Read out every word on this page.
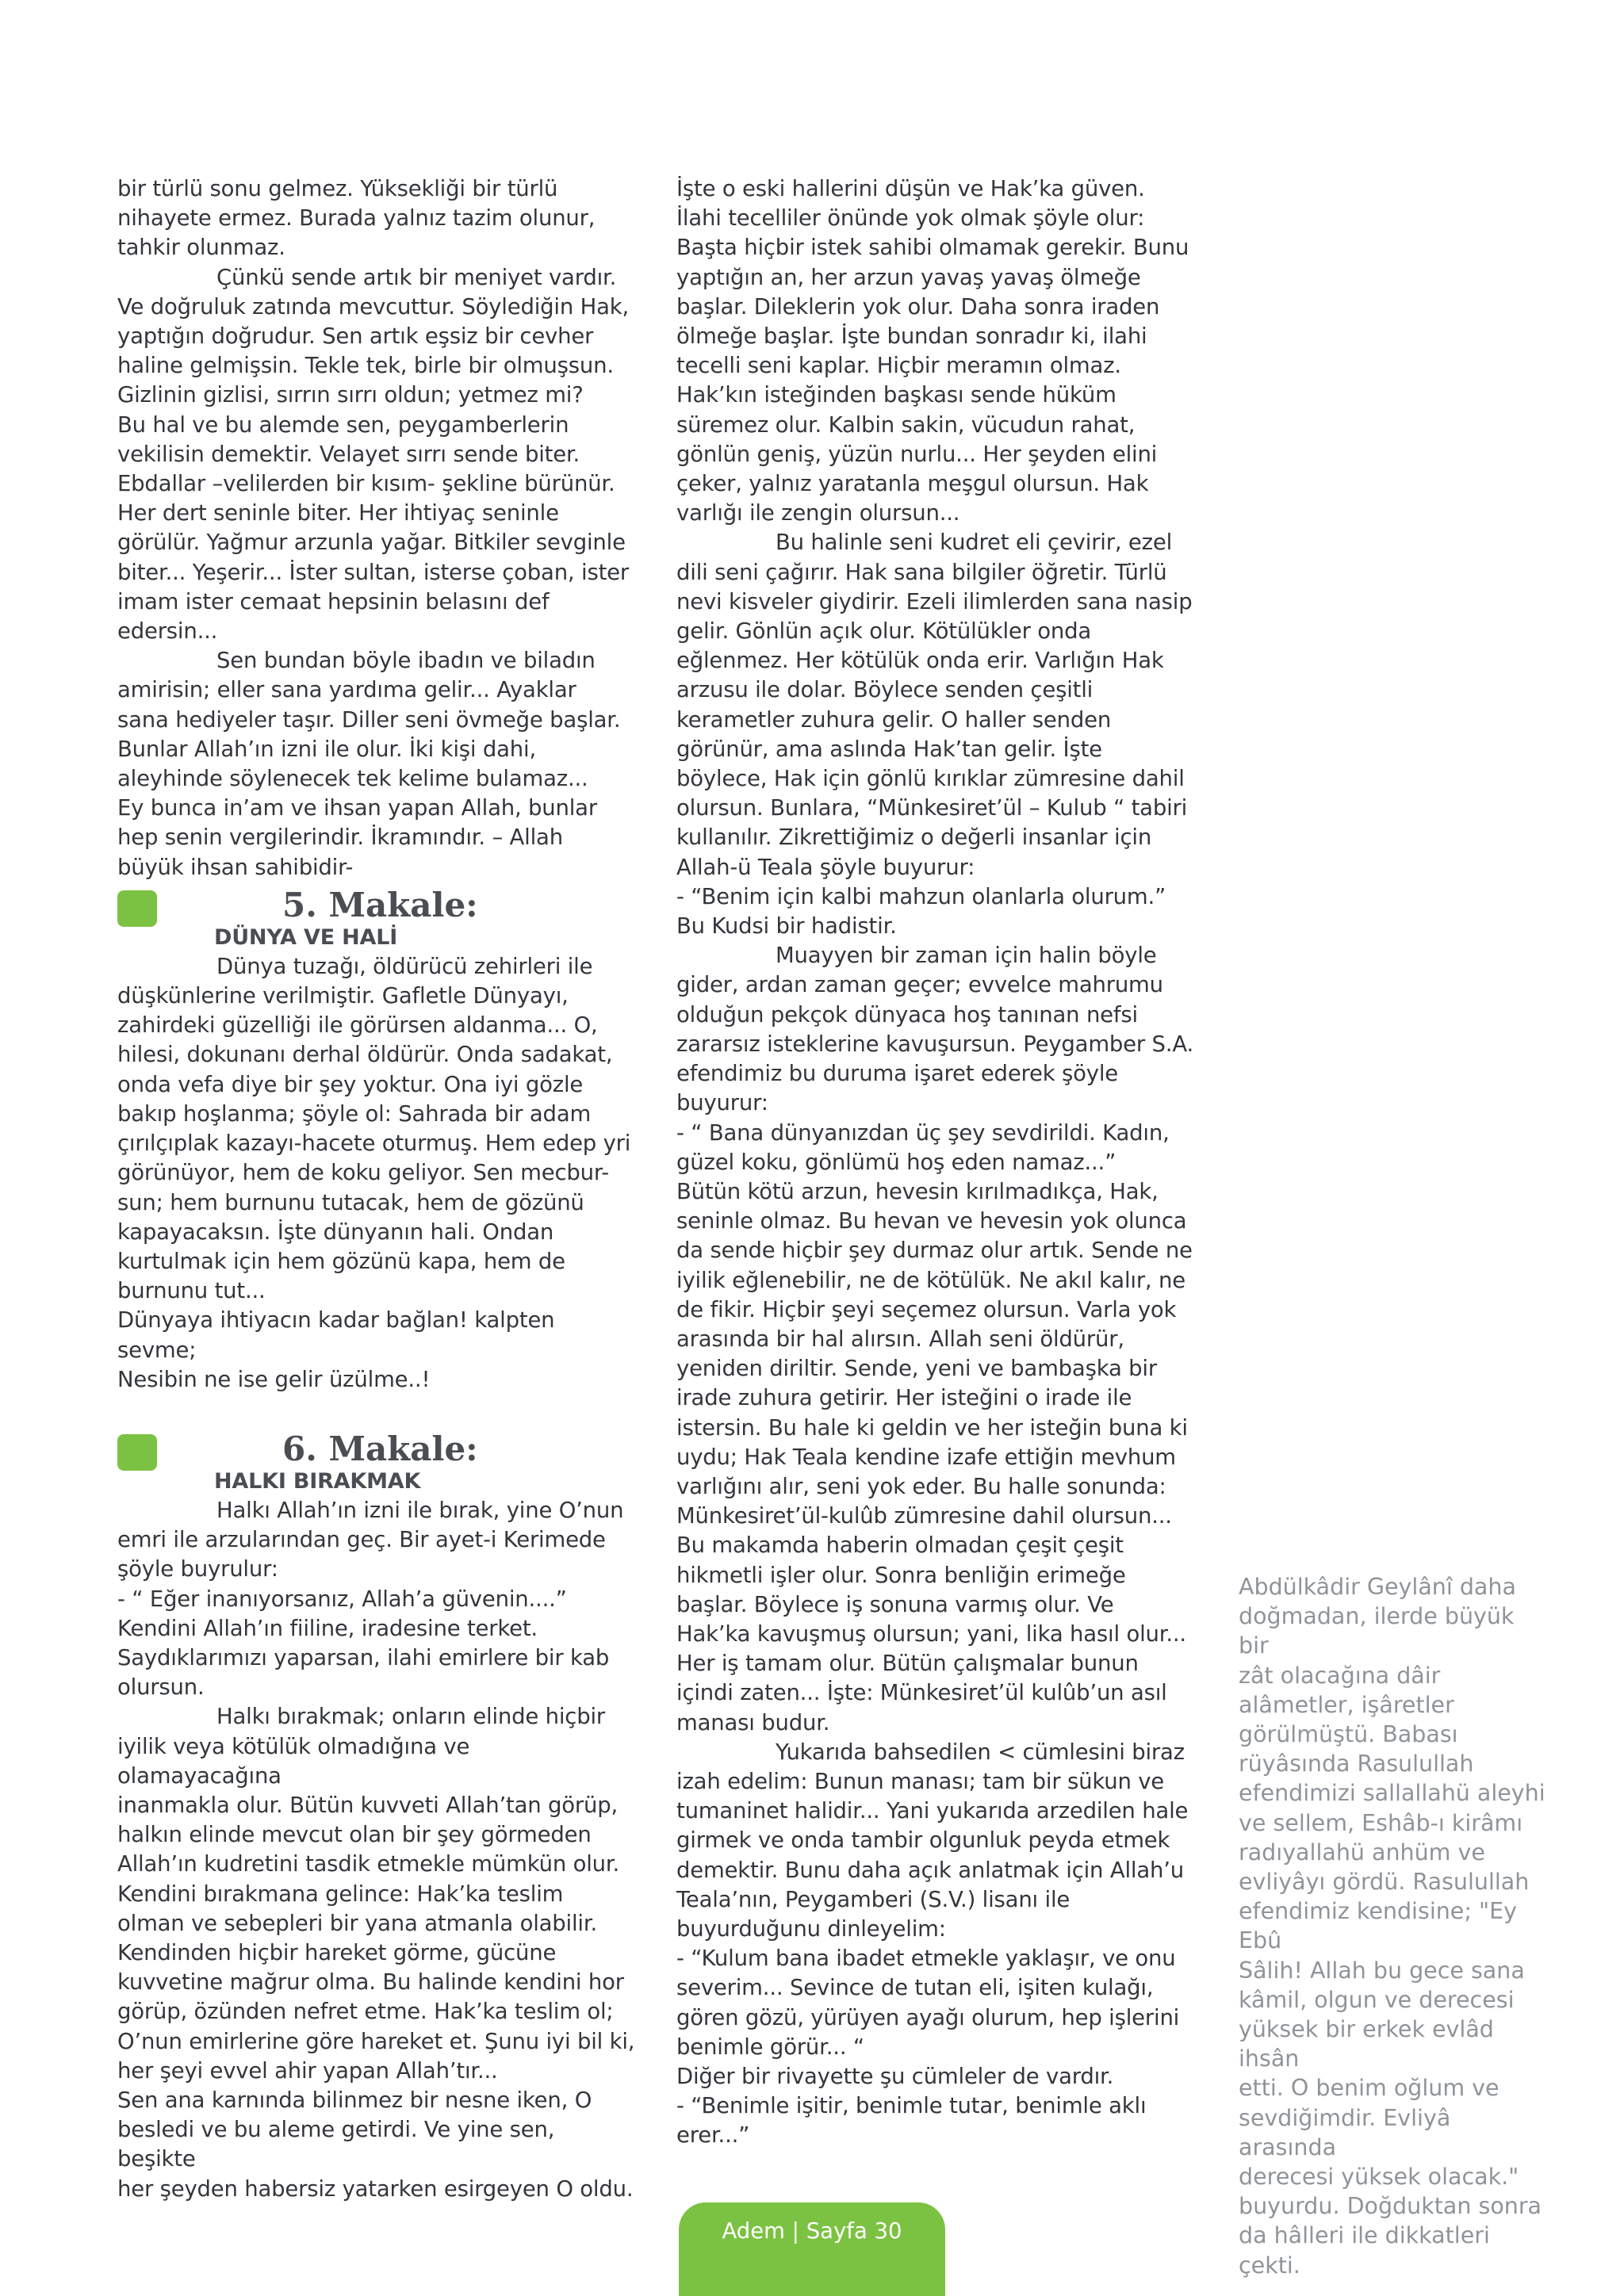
bir türlü sonu gelmez. Yüksekliği bir türlü
nihayete ermez. Burada yalnız tazim olunur,
tahkir olunmaz.

Çünkü sende artık bir meniyet vardır.
Ve doğruluk zatında mevcuttur. Söylediğin Hak,
yaptığın doğrudur. Sen artık eşsiz bir cevher
haline gelmişsin. Tekle tek, birle bir olmuşsun.
Gizlinin gizlisi, sırrın sırrı oldun; yetmez mi?
Bu hal ve bu alemde sen, peygamberlerin
vekilisin demektir. Velayet sırrı sende biter.
Ebdallar –velilerden bir kısım- şekline bürünür.
Her dert seninle biter. Her ihtiyaç seninle
görülür. Yağmur arzunla yağar. Bitkiler sevginle
biter... Yeşerir... İster sultan, isterse çoban, ister
imam ister cemaat hepsinin belasını def
edersin...

Sen bundan böyle ibadın ve biladın
amirisin; eller sana yardıma gelir... Ayaklar
sana hediyeler taşır. Diller seni övmeğe başlar.
Bunlar Allah’ın izni ile olur. İki kişi dahi,
aleyhinde söylenecek tek kelime bulamaz...
Ey bunca in’am ve ihsan yapan Allah, bunlar
hep senin vergilerindir. İkramındır. – Allah
büyük ihsan sahibidir-

5. Makale:

DÜNYA VE HALİ

Dünya tuzağı, öldürücü zehirleri ile
düşkünlerine verilmiştir. Gafletle Dünyayı,
zahirdeki güzelliği ile görürsen aldanma... O,
hilesi, dokunanı derhal öldürür. Onda sadakat,
onda vefa diye bir şey yoktur. Ona iyi gözle
bakıp hoşlanma; şöyle ol: Sahrada bir adam
çırılçıplak kazayı-hacete oturmuş. Hem edep yri
görünüyor, hem de koku geliyor. Sen mecbur-
sun; hem burnunu tutacak, hem de gözünü
kapayacaksın. İşte dünyanın hali. Ondan
kurtulmak için hem gözünü kapa, hem de
burnunu tut...

Dünyaya ihtiyacın kadar bağlan! kalpten sevme;
Nesibin ne ise gelir üzülme..!

6. Makale:

HALKI BIRAKMAK

Halkı Allah’ın izni ile bırak, yine O’nun
emri ile arzularından geç. Bir ayet-i Kerimede
şöyle buyrulur:

- “ Eğer inanıyorsanız, Allah’a güvenin....”
Kendini Allah’ın fiiline, iradesine terket.
Saydıklarımızı yaparsan, ilahi emirlere bir kab
olursun.

Halkı bırakmak; onların elinde hiçbir
iyilik veya kötülük olmadığına ve olamayacağına
inanmakla olur. Bütün kuvveti Allah’tan görüp,
halkın elinde mevcut olan bir şey görmeden
Allah’ın kudretini tasdik etmekle mümkün olur.
Kendini bırakmana gelince: Hak’ka teslim
olman ve sebepleri bir yana atmanla olabilir.
Kendinden hiçbir hareket görme, gücüne
kuvvetine mağrur olma. Bu halinde kendini hor
görüp, özünden nefret etme. Hak’ka teslim ol;
O’nun emirlerine göre hareket et. Şunu iyi bil ki,
her şeyi evvel ahir yapan Allah’tır...

Sen ana karnında bilinmez bir nesne iken, O
besledi ve bu aleme getirdi. Ve yine sen, beşikte
her şeyden habersiz yatarken esirgeyen O oldu.

İşte o eski hallerini düşün ve Hak’ka güven.
İlahi tecelliler önünde yok olmak şöyle olur:
Başta hiçbir istek sahibi olmamak gerekir. Bunu
yaptığın an, her arzun yavaş yavaş ölmeğe
başlar. Dileklerin yok olur. Daha sonra iraden
ölmeğe başlar. İşte bundan sonradır ki, ilahi
tecelli seni kaplar. Hiçbir meramın olmaz.
Hak’kın isteğinden başkası sende hüküm
süremez olur. Kalbin sakin, vücudun rahat,
gönlün geniş, yüzün nurlu... Her şeyden elini
çeker, yalnız yaratanla meşgul olursun. Hak
varlığı ile zengin olursun...

Bu halinle seni kudret eli çevirir, ezel
dili seni çağırır. Hak sana bilgiler öğretir. Türlü
nevi kisveler giydirir. Ezeli ilimlerden sana nasip
gelir. Gönlün açık olur. Kötülükler onda
eğlenmez. Her kötülük onda erir. Varlığın Hak
arzusu ile dolar. Böylece senden çeşitli
kerametler zuhura gelir. O haller senden
görünür, ama aslında Hak’tan gelir. İşte
böylece, Hak için gönlü kırıklar zümresine dahil
olursun. Bunlara, “Münkesiret’ül – Kulub “ tabiri
kullanılır. Zikrettiğimiz o değerli insanlar için
Allah-ü Teala şöyle buyurur:

- “Benim için kalbi mahzun olanlarla olurum.”
Bu Kudsi bir hadistir.

Muayyen bir zaman için halin böyle
gider, ardan zaman geçer; evvelce mahrumu
olduğun pekçok dünyaca hoş tanınan nefsi
zararsız isteklerine kavuşursun. Peygamber S.A.
efendimiz bu duruma işaret ederek şöyle
buyurur:

- “ Bana dünyanızdan üç şey sevdirildi. Kadın,
güzel koku, gönlümü hoş eden namaz...”
Bütün kötü arzun, hevesin kırılmadıkça, Hak,
seninle olmaz. Bu hevan ve hevesin yok olunca
da sende hiçbir şey durmaz olur artık. Sende ne
iyilik eğlenebilir, ne de kötülük. Ne akıl kalır, ne
de fikir. Hiçbir şeyi seçemez olursun. Varla yok
arasında bir hal alırsın. Allah seni öldürür,
yeniden diriltir. Sende, yeni ve bambaşka bir
irade zuhura getirir. Her isteğini o irade ile
istersin. Bu hale ki geldin ve her isteğin buna ki
uydu; Hak Teala kendine izafe ettiğin mevhum
varlığını alır, seni yok eder. Bu halle sonunda:
Münkesiret’ül-kulûb zümresine dahil olursun...
Bu makamda haberin olmadan çeşit çeşit
hikmetli işler olur. Sonra benliğin erimeğe
başlar. Böylece iş sonuna varmış olur. Ve
Hak’ka kavuşmuş olursun; yani, lika hasıl olur...
Her iş tamam olur. Bütün çalışmalar bunun
içindi zaten... İşte: Münkesiret’ül kulûb’un asıl
manası budur.

Yukarıda bahsedilen < cümlesini biraz
izah edelim: Bunun manası; tam bir sükun ve
tumaninet halidir... Yani yukarıda arzedilen hale
girmek ve onda tambir olgunluk peyda etmek
demektir. Bunu daha açık anlatmak için Allah’u
Teala’nın, Peygamberi (S.V.) lisanı ile
buyurduğunu dinleyelim:

- “Kulum bana ibadet etmekle yaklaşır, ve onu
severim... Sevince de tutan eli, işiten kulağı,
gören gözü, yürüyen ayağı olurum, hep işlerini
benimle görür... “
Diğer bir rivayette şu cümleler de vardır.
- “Benimle işitir, benimle tutar, benimle aklı
erer...”

Abdülkâdir Geylânî daha
doğmadan, ilerde büyük bir
zât olacağına dâir
alâmetler, işâretler
görülmüştü. Babası
rüyâsında Rasulullah
efendimizi sallallahü aleyhi
ve sellem, Eshâb-ı kirâmı
radıyallahü anhüm ve
evliyâyı gördü. Rasulullah
efendimiz kendisine; "Ey Ebû
Sâlih! Allah bu gece sana
kâmil, olgun ve derecesi
yüksek bir erkek evlâd ihsân
etti. O benim oğlum ve
sevdiğimdir. Evliyâ arasında
derecesi yüksek olacak."
buyurdu. Doğduktan sonra
da hâlleri ile dikkatleri çekti.

Adem | Sayfa 30
